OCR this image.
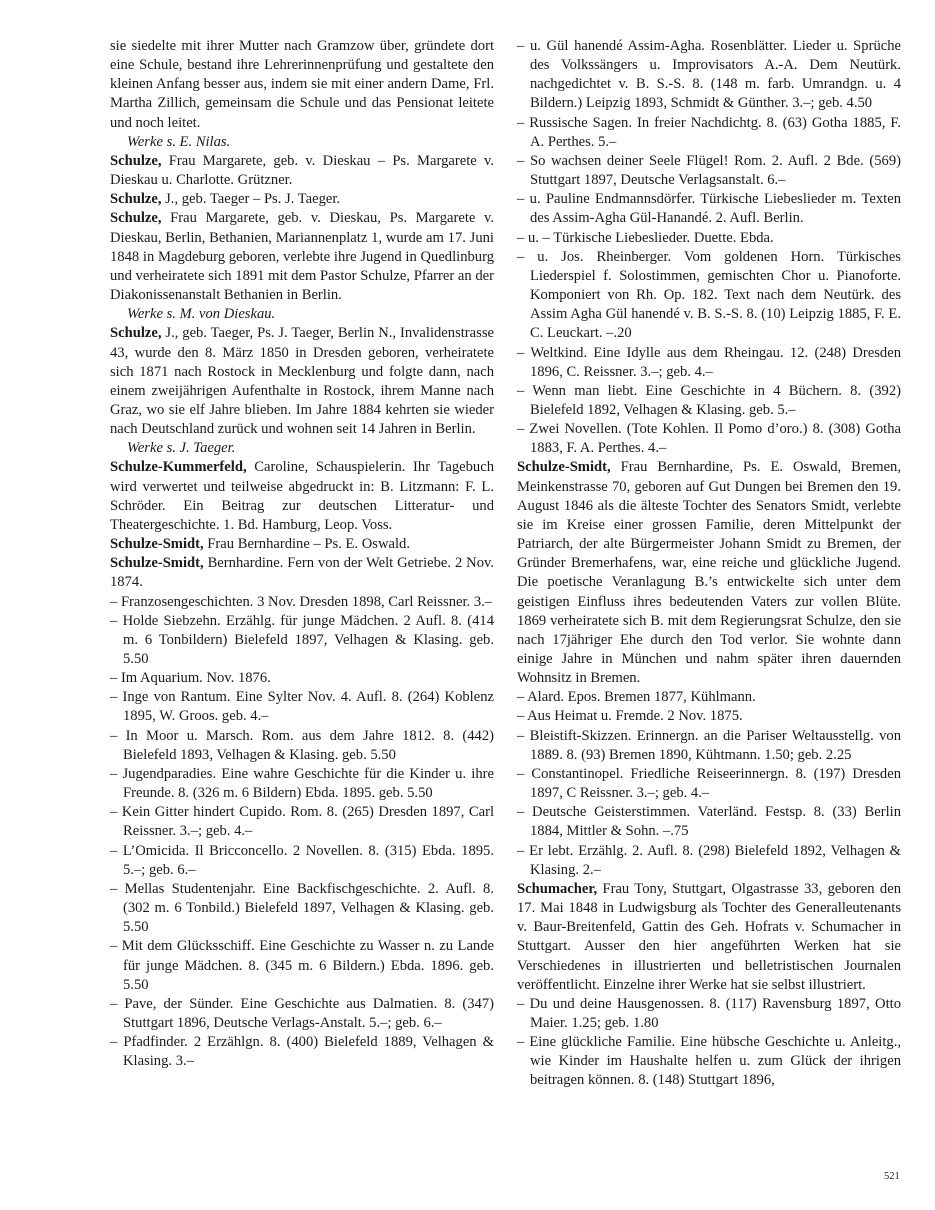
sie siedelte mit ihrer Mutter nach Gramzow über, gründete dort eine Schule, bestand ihre Lehrerinnenprüfung und gestaltete den kleinen Anfang besser aus, indem sie mit einer andern Dame, Frl. Martha Zillich, gemeinsam die Schule und das Pensionat leitete und noch leitet.

Werke s. E. Nilas.

Schulze, Frau Margarete, geb. v. Dieskau – Ps. Margarete v. Dieskau u. Charlotte. Grützner.

Schulze, J., geb. Taeger – Ps. J. Taeger.

Schulze, Frau Margarete, geb. v. Dieskau, Ps. Margarete v. Dieskau, Berlin, Bethanien, Mariannenplatz 1, wurde am 17. Juni 1848 in Magdeburg geboren, verlebte ihre Jugend in Quedlinburg und verheiratete sich 1891 mit dem Pastor Schulze, Pfarrer an der Diakonissenanstalt Bethanien in Berlin.

Werke s. M. von Dieskau.

Schulze, J., geb. Taeger, Ps. J. Taeger, Berlin N., Invalidenstrasse 43, wurde den 8. März 1850 in Dresden geboren, verheiratete sich 1871 nach Rostock in Mecklenburg und folgte dann, nach einem zweijährigen Aufenthalte in Rostock, ihrem Manne nach Graz, wo sie elf Jahre blieben. Im Jahre 1884 kehrten sie wieder nach Deutschland zurück und wohnen seit 14 Jahren in Berlin.

Werke s. J. Taeger.

Schulze-Kummerfeld, Caroline, Schauspielerin. Ihr Tagebuch wird verwertet und teilweise abgedruckt in: B. Litzmann: F. L. Schröder. Ein Beitrag zur deutschen Litteratur- und Theatergeschichte. 1. Bd. Hamburg, Leop. Voss.

Schulze-Smidt, Frau Bernhardine – Ps. E. Oswald.

Schulze-Smidt, Bernhardine. Fern von der Welt Getriebe. 2 Nov. 1874.

– Franzosengeschichten. 3 Nov. Dresden 1898, Carl Reissner. 3.–

– Holde Siebzehn. Erzählg. für junge Mädchen. 2 Aufl. 8. (414 m. 6 Tonbildern) Bielefeld 1897, Velhagen & Klasing. geb. 5.50

– Im Aquarium. Nov. 1876.

– Inge von Rantum. Eine Sylter Nov. 4. Aufl. 8. (264) Koblenz 1895, W. Groos. geb. 4.–

– In Moor u. Marsch. Rom. aus dem Jahre 1812. 8. (442) Bielefeld 1893, Velhagen & Klasing. geb. 5.50

– Jugendparadies. Eine wahre Geschichte für die Kinder u. ihre Freunde. 8. (326 m. 6 Bildern) Ebda. 1895. geb. 5.50

– Kein Gitter hindert Cupido. Rom. 8. (265) Dresden 1897, Carl Reissner. 3.–; geb. 4.–

– L’Omicida. Il Bricconcello. 2 Novellen. 8. (315) Ebda. 1895. 5.–; geb. 6.–

– Mellas Studentenjahr. Eine Backfischgeschichte. 2. Aufl. 8. (302 m. 6 Tonbild.) Bielefeld 1897, Velhagen & Klasing. geb. 5.50

– Mit dem Glücksschiff. Eine Geschichte zu Wasser n. zu Lande für junge Mädchen. 8. (345 m. 6 Bildern.) Ebda. 1896. geb. 5.50

– Pave, der Sünder. Eine Geschichte aus Dalmatien. 8. (347) Stuttgart 1896, Deutsche Verlags-Anstalt. 5.–; geb. 6.–

– Pfadfinder. 2 Erzählgn. 8. (400) Bielefeld 1889, Velhagen & Klasing. 3.–

– u. Gül hanendé Assim-Agha. Rosenblätter. Lieder u. Sprüche des Volkssängers u. Improvisators A.-A. Dem Neutürk. nachgedichtet v. B. S.-S. 8. (148 m. farb. Umrandgn. u. 4 Bildern.) Leipzig 1893, Schmidt & Günther. 3.–; geb. 4.50

– Russische Sagen. In freier Nachdichtg. 8. (63) Gotha 1885, F. A. Perthes. 5.–

– So wachsen deiner Seele Flügel! Rom. 2. Aufl. 2 Bde. (569) Stuttgart 1897, Deutsche Verlagsanstalt. 6.–

– u. Pauline Endmannsdörfer. Türkische Liebeslieder m. Texten des Assim-Agha Gül-Hanandé. 2. Aufl. Berlin.

– u. – Türkische Liebeslieder. Duette. Ebda.

– u. Jos. Rheinberger. Vom goldenen Horn. Türkisches Liederspiel f. Solostimmen, gemischten Chor u. Pianoforte. Komponiert von Rh. Op. 182. Text nach dem Neutürk. des Assim Agha Gül hanendé v. B. S.-S. 8. (10) Leipzig 1885, F. E. C. Leuckart. –.20

– Weltkind. Eine Idylle aus dem Rheingau. 12. (248) Dresden 1896, C. Reissner. 3.–; geb. 4.–

– Wenn man liebt. Eine Geschichte in 4 Büchern. 8. (392) Bielefeld 1892, Velhagen & Klasing. geb. 5.–

– Zwei Novellen. (Tote Kohlen. Il Pomo d’oro.) 8. (308) Gotha 1883, F. A. Perthes. 4.–

Schulze-Smidt, Frau Bernhardine, Ps. E. Oswald, Bremen, Meinkenstrasse 70, geboren auf Gut Dungen bei Bremen den 19. August 1846 als die älteste Tochter des Senators Smidt, verlebte sie im Kreise einer grossen Familie, deren Mittelpunkt der Patriarch, der alte Bürgermeister Johann Smidt zu Bremen, der Gründer Bremerhafens, war, eine reiche und glückliche Jugend. Die poetische Veranlagung B.’s entwickelte sich unter dem geistigen Einfluss ihres bedeutenden Vaters zur vollen Blüte. 1869 verheiratete sich B. mit dem Regierungsrat Schulze, den sie nach 17jähriger Ehe durch den Tod verlor. Sie wohnte dann einige Jahre in München und nahm später ihren dauernden Wohnsitz in Bremen.

– Alard. Epos. Bremen 1877, Kühlmann.

– Aus Heimat u. Fremde. 2 Nov. 1875.

– Bleistift-Skizzen. Erinnergn. an die Pariser Weltausstellg. von 1889. 8. (93) Bremen 1890, Kühtmann. 1.50; geb. 2.25

– Constantinopel. Friedliche Reiseerinnergn. 8. (197) Dresden 1897, C Reissner. 3.–; geb. 4.–

– Deutsche Geisterstimmen. Vaterländ. Festsp. 8. (33) Berlin 1884, Mittler & Sohn. –.75

– Er lebt. Erzählg. 2. Aufl. 8. (298) Bielefeld 1892, Velhagen & Klasing. 2.–

Schumacher, Frau Tony, Stuttgart, Olgastrasse 33, geboren den 17. Mai 1848 in Ludwigsburg als Tochter des Generalleutenants v. Baur-Breitenfeld, Gattin des Geh. Hofrats v. Schumacher in Stuttgart. Ausser den hier angeführten Werken hat sie Verschiedenes in illustrierten und belletristischen Journalen veröffentlicht. Einzelne ihrer Werke hat sie selbst illustriert.

– Du und deine Hausgenossen. 8. (117) Ravensburg 1897, Otto Maier. 1.25; geb. 1.80

– Eine glückliche Familie. Eine hübsche Geschichte u. Anleitg., wie Kinder im Haushalte helfen u. zum Glück der ihrigen beitragen können. 8. (148) Stuttgart 1896,

521
